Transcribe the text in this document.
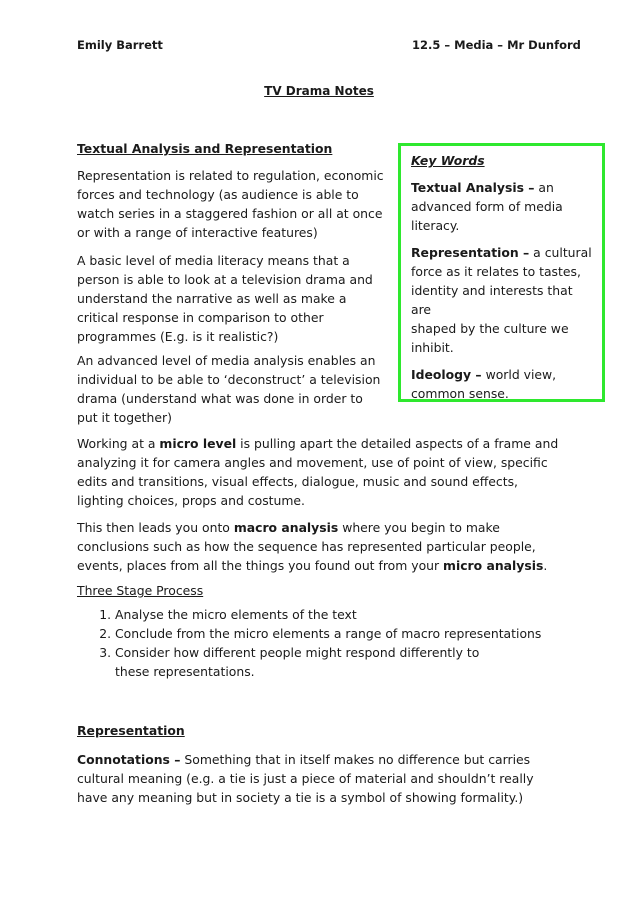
Emily Barrett	12.5 – Media – Mr Dunford
TV Drama Notes

Textual Analysis and Representation

Representation is related to regulation, economic
forces and technology (as audience is able to
watch series in a staggered fashion or all at once
or with a range of interactive features)
A basic level of media literacy means that a
person is able to look at a television drama and
understand the narrative as well as make a
critical response in comparison to other
programmes (E.g. is it realistic?)
An advanced level of media analysis enables an
individual to be able to ‘deconstruct’ a television
drama (understand what was done in order to
put it together)

Key Words

Textual Analysis – an
advanced form of media
literacy.

Representation – a cultural
force as it relates to tastes,
identity and interests that are
shaped by the culture we
inhibit.

Ideology – world view,
common sense.

Working at a micro level is pulling apart the detailed aspects of a frame and
analyzing it for camera angles and movement, use of point of view, specific
edits and transitions, visual effects, dialogue, music and sound effects,
lighting choices, props and costume.
This then leads you onto macro analysis where you begin to make
conclusions such as how the sequence has represented particular people,
events, places from all the things you found out from your micro analysis.

Three Stage Process

1. Analyse the micro elements of the text
2. Conclude from the micro elements a range of macro representations
3. Consider how different people might respond differently to these representations.

Representation

Connotations – Something that in itself makes no difference but carries
cultural meaning (e.g. a tie is just a piece of material and shouldn’t really
have any meaning but in society a tie is a symbol of showing formality.)
